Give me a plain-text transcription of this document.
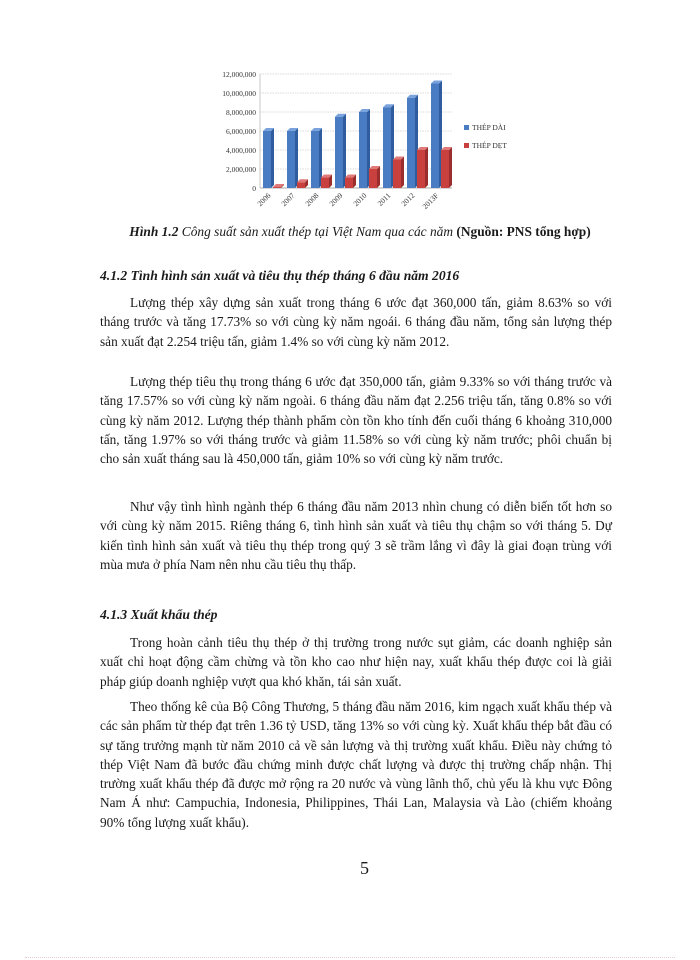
0
2,000,000
4,000,000
6,000,000
8,000,000
10,000,000
12,000,000
2006 2007 2008 2009 2010 2011 2012 2013F
THÉP DÀI
THÉP DẸT
Hình 1.2 Công suất sản xuất thép tại Việt Nam qua các năm (Nguồn: PNS tổng hợp)
4.1.2 Tình hình sản xuất và tiêu thụ thép tháng 6 đầu năm 2016

Lượng thép xây dựng sản xuất trong tháng 6 ước đạt 360,000 tấn, giảm 8.63% so với tháng trước và tăng 17.73% so với cùng kỳ năm ngoái. 6 tháng đầu năm, tổng sản lượng thép sản xuất đạt 2.254 triệu tấn, giảm 1.4% so với cùng kỳ năm 2012.

Lượng thép tiêu thụ trong tháng 6 ước đạt 350,000 tấn, giảm 9.33% so với tháng trước và tăng 17.57% so với cùng kỳ năm ngoài. 6 tháng đầu năm đạt 2.256 triệu tấn, tăng 0.8% so với cùng kỳ năm 2012. Lượng thép thành phẩm còn tồn kho tính đến cuối tháng 6 khoảng 310,000 tấn, tăng 1.97% so với tháng trước và giảm 11.58% so với cùng kỳ năm trước; phôi chuẩn bị cho sản xuất tháng sau là 450,000 tấn, giảm 10% so với cùng kỳ năm trước.

Như vậy tình hình ngành thép 6 tháng đầu năm 2013 nhìn chung có diễn biến tốt hơn so với cùng kỳ năm 2015. Riêng tháng 6, tình hình sản xuất và tiêu thụ chậm so với tháng 5. Dự kiến tình hình sản xuất và tiêu thụ thép trong quý 3 sẽ trầm lắng vì đây là giai đoạn trùng với mùa mưa ở phía Nam nên nhu cầu tiêu thụ thấp.

4.1.3 Xuất khẩu thép

Trong hoàn cảnh tiêu thụ thép ở thị trường trong nước sụt giảm, các doanh nghiệp sản xuất chỉ hoạt động cầm chừng và tồn kho cao như hiện nay, xuất khẩu thép được coi là giải pháp giúp doanh nghiệp vượt qua khó khăn, tái sản xuất.

Theo thống kê của Bộ Công Thương, 5 tháng đầu năm 2016, kim ngạch xuất khẩu thép và các sản phẩm từ thép đạt trên 1.36 tỷ USD, tăng 13% so với cùng kỳ. Xuất khẩu thép bắt đầu có sự tăng trưởng mạnh từ năm 2010 cả về sản lượng và thị trường xuất khẩu. Điều này chứng tỏ thép Việt Nam đã bước đầu chứng minh được chất lượng và được thị trường chấp nhận. Thị trường xuất khẩu thép đã được mở rộng ra 20 nước và vùng lãnh thổ, chủ yếu là khu vực Đông Nam Á như: Campuchia, Indonesia, Philippines, Thái Lan, Malaysia và Lào (chiếm khoảng 90% tổng lượng xuất khẩu).

5
